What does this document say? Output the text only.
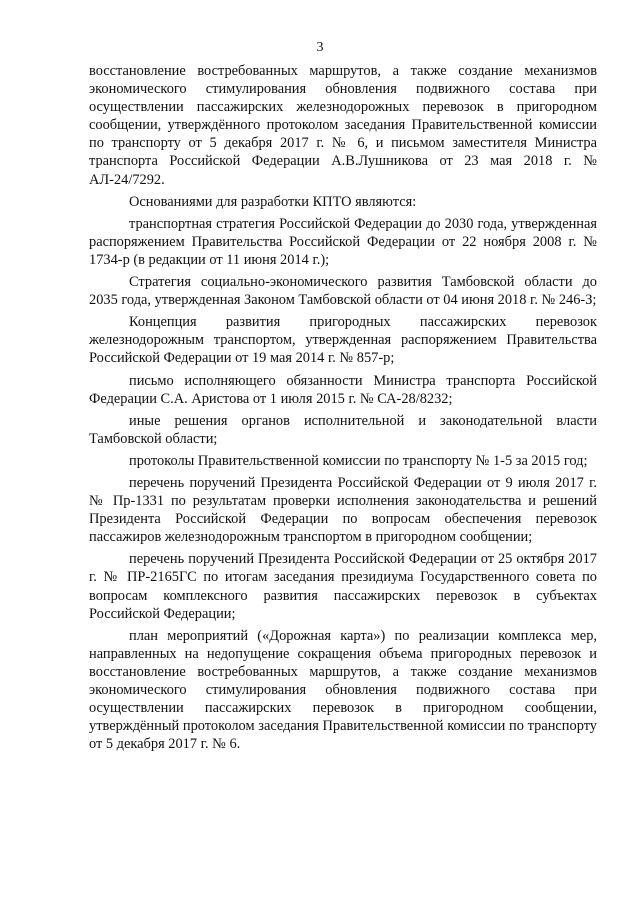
3

восстановление востребованных маршрутов, а также создание механизмов экономического стимулирования обновления подвижного состава при осуществлении пассажирских железнодорожных перевозок в пригородном сообщении, утверждённого протоколом заседания Правительственной комиссии по транспорту от 5 декабря 2017 г. № 6, и письмом заместителя Министра транспорта Российской Федерации А.В.Лушникова от 23 мая 2018 г. № АЛ-24/7292.

Основаниями для разработки КПТО являются:

транспортная стратегия Российской Федерации до 2030 года, утвержденная распоряжением Правительства Российской Федерации от 22 ноября 2008 г. № 1734-р (в редакции от 11 июня 2014 г.);

Стратегия социально-экономического развития Тамбовской области до 2035 года, утвержденная Законом Тамбовской области от 04 июня 2018 г. № 246-З;

Концепция развития пригородных пассажирских перевозок железнодорожным транспортом, утвержденная распоряжением Правительства Российской Федерации от 19 мая 2014 г. № 857-р;

письмо исполняющего обязанности Министра транспорта Российской Федерации С.А. Аристова от 1 июля 2015 г. № СА-28/8232;

иные решения органов исполнительной и законодательной власти Тамбовской области;

протоколы Правительственной комиссии по транспорту № 1-5 за 2015 год;

перечень поручений Президента Российской Федерации от 9 июля 2017 г. № Пр-1331 по результатам проверки исполнения законодательства и решений Президента Российской Федерации по вопросам обеспечения перевозок пассажиров железнодорожным транспортом в пригородном сообщении;

перечень поручений Президента Российской Федерации от 25 октября 2017 г. № ПР-2165ГС по итогам заседания президиума Государственного совета по вопросам комплексного развития пассажирских перевозок в субъектах Российской Федерации;

план мероприятий («Дорожная карта») по реализации комплекса мер, направленных на недопущение сокращения объема пригородных перевозок и восстановление востребованных маршрутов, а также создание механизмов экономического стимулирования обновления подвижного состава при осуществлении пассажирских перевозок в пригородном сообщении, утверждённый протоколом заседания Правительственной комиссии по транспорту от 5 декабря 2017 г. № 6.
